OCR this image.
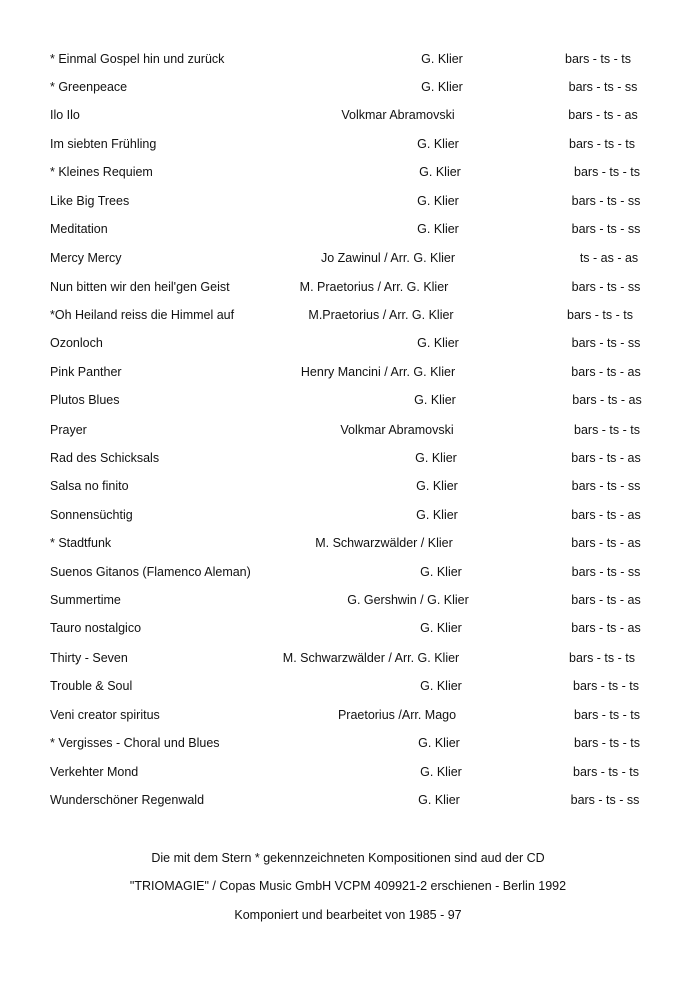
* Einmal Gospel hin und zurück	G. Klier	bars - ts - ts
* Greenpeace	G. Klier	bars - ts - ss
Ilo Ilo	Volkmar Abramovski	bars - ts - as
Im siebten Frühling	G. Klier	bars - ts - ts
* Kleines Requiem	G. Klier	bars - ts - ts
Like Big Trees	G. Klier	bars - ts - ss
Meditation	G. Klier	bars - ts - ss
Mercy Mercy	Jo Zawinul / Arr. G. Klier	ts - as - as
Nun bitten wir den heil'gen Geist	M. Praetorius / Arr. G. Klier	bars - ts - ss
*Oh Heiland reiss die Himmel auf	M.Praetorius / Arr. G. Klier	bars - ts - ts
Ozonloch	G. Klier	bars - ts - ss
Pink Panther	Henry Mancini / Arr. G. Klier	bars - ts - as
Plutos Blues	G. Klier	bars - ts - as
Prayer	Volkmar Abramovski	bars - ts - ts
Rad des Schicksals	G. Klier	bars - ts - as
Salsa no finito	G. Klier	bars - ts - ss
Sonnensüchtig	G. Klier	bars - ts - as
* Stadtfunk	M. Schwarzwälder / Klier	bars - ts - as
Suenos Gitanos (Flamenco Aleman)	G. Klier	bars - ts - ss
Summertime	G. Gershwin / G. Klier	bars - ts - as
Tauro nostalgico	G. Klier	bars - ts - as
Thirty - Seven	M. Schwarzwälder / Arr. G. Klier	bars - ts - ts
Trouble & Soul	G. Klier	bars - ts - ts
Veni creator spiritus	Praetorius /Arr. Mago	bars - ts - ts
* Vergisses - Choral und Blues	G. Klier	bars - ts - ts
Verkehter Mond	G. Klier	bars - ts - ts
Wunderschöner Regenwald	G. Klier	bars - ts - ss
Die mit dem Stern * gekennzeichneten Kompositionen sind aud der CD
"TRIOMAGIE" / Copas Music GmbH VCPM 409921-2 erschienen - Berlin 1992
Komponiert und bearbeitet von 1985 - 97
